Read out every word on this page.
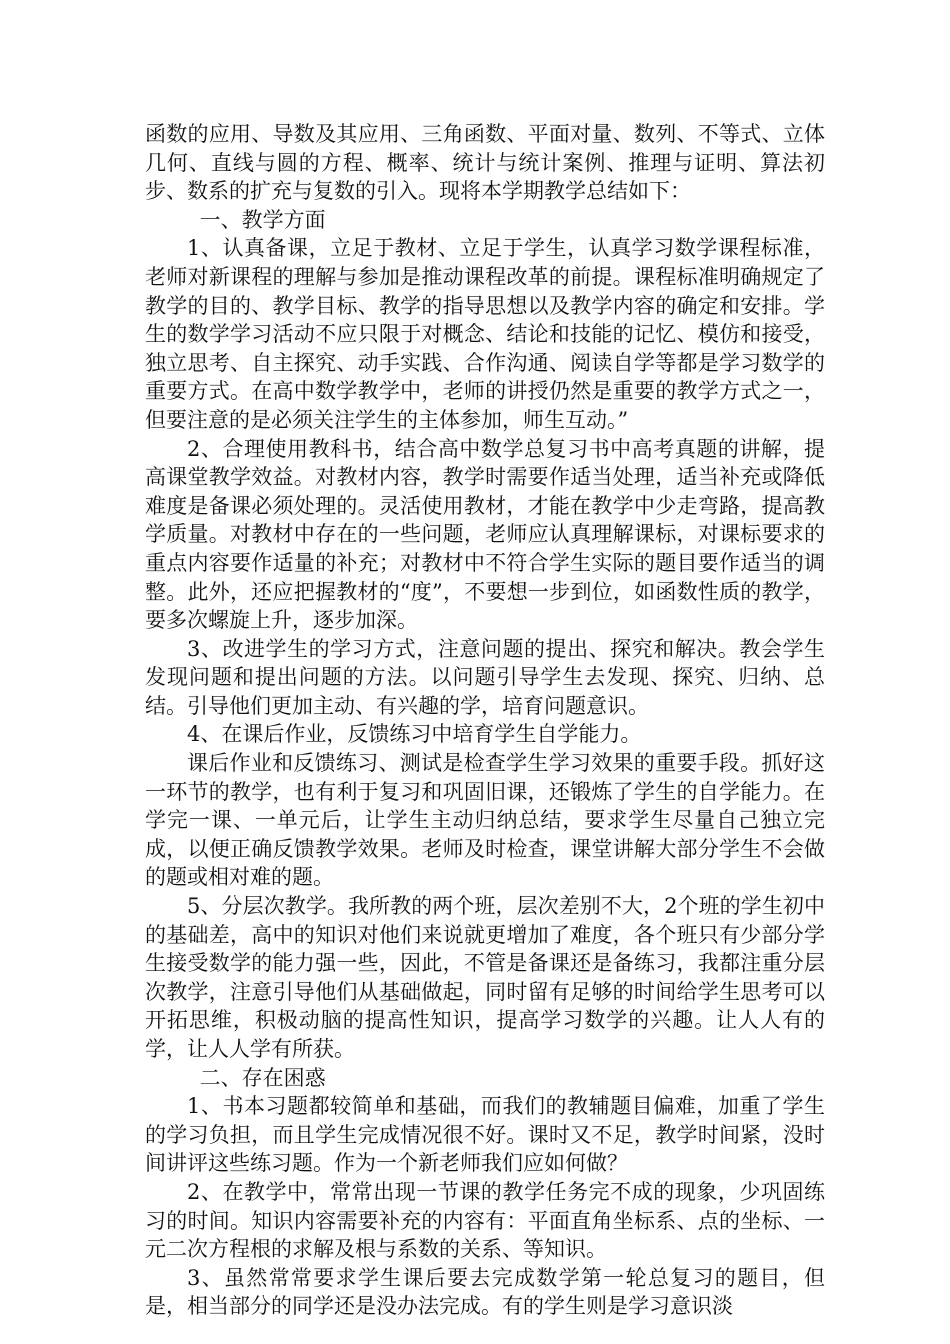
函数的应用、导数及其应用、三角函数、平面对量、数列、不等式、立体几何、直线与圆的方程、概率、统计与统计案例、推理与证明、算法初步、数系的扩充与复数的引入。现将本学期教学总结如下：

一、教学方面

1、认真备课，立足于教材、立足于学生，认真学习数学课程标准，老师对新课程的理解与参加是推动课程改革的前提。课程标准明确规定了教学的目的、教学目标、教学的指导思想以及教学内容的确定和安排。学生的数学学习活动不应只限于对概念、结论和技能的记忆、模仿和接受，独立思考、自主探究、动手实践、合作沟通、阅读自学等都是学习数学的重要方式。在高中数学教学中，老师的讲授仍然是重要的教学方式之一，但要注意的是必须关注学生的主体参加，师生互动。”

2、合理使用教科书，结合高中数学总复习书中高考真题的讲解，提高课堂教学效益。对教材内容，教学时需要作适当处理，适当补充或降低难度是备课必须处理的。灵活使用教材，才能在教学中少走弯路，提高教学质量。对教材中存在的一些问题，老师应认真理解课标，对课标要求的重点内容要作适量的补充；对教材中不符合学生实际的题目要作适当的调整。此外，还应把握教材的“度”，不要想一步到位，如函数性质的教学，要多次螺旋上升，逐步加深。

3、改进学生的学习方式，注意问题的提出、探究和解决。教会学生发现问题和提出问题的方法。以问题引导学生去发现、探究、归纳、总结。引导他们更加主动、有兴趣的学，培育问题意识。

4、在课后作业，反馈练习中培育学生自学能力。

课后作业和反馈练习、测试是检查学生学习效果的重要手段。抓好这一环节的教学，也有利于复习和巩固旧课，还锻炼了学生的自学能力。在学完一课、一单元后，让学生主动归纳总结，要求学生尽量自己独立完成，以便正确反馈教学效果。老师及时检查，课堂讲解大部分学生不会做的题或相对难的题。

5、分层次教学。我所教的两个班，层次差别不大，2个班的学生初中的基础差，高中的知识对他们来说就更增加了难度，各个班只有少部分学生接受数学的能力强一些，因此，不管是备课还是备练习，我都注重分层次教学，注意引导他们从基础做起，同时留有足够的时间给学生思考可以开拓思维，积极动脑的提高性知识，提高学习数学的兴趣。让人人有的学，让人人学有所获。

二、存在困惑

1、书本习题都较简单和基础，而我们的教辅题目偏难，加重了学生的学习负担，而且学生完成情况很不好。课时又不足，教学时间紧，没时间讲评这些练习题。作为一个新老师我们应如何做？

2、在教学中，常常出现一节课的教学任务完不成的现象，少巩固练习的时间。知识内容需要补充的内容有：平面直角坐标系、点的坐标、一元二次方程根的求解及根与系数的关系、等知识。

3、虽然常常要求学生课后要去完成数学第一轮总复习的题目，但是，相当部分的同学还是没办法完成。有的学生则是学习意识淡
